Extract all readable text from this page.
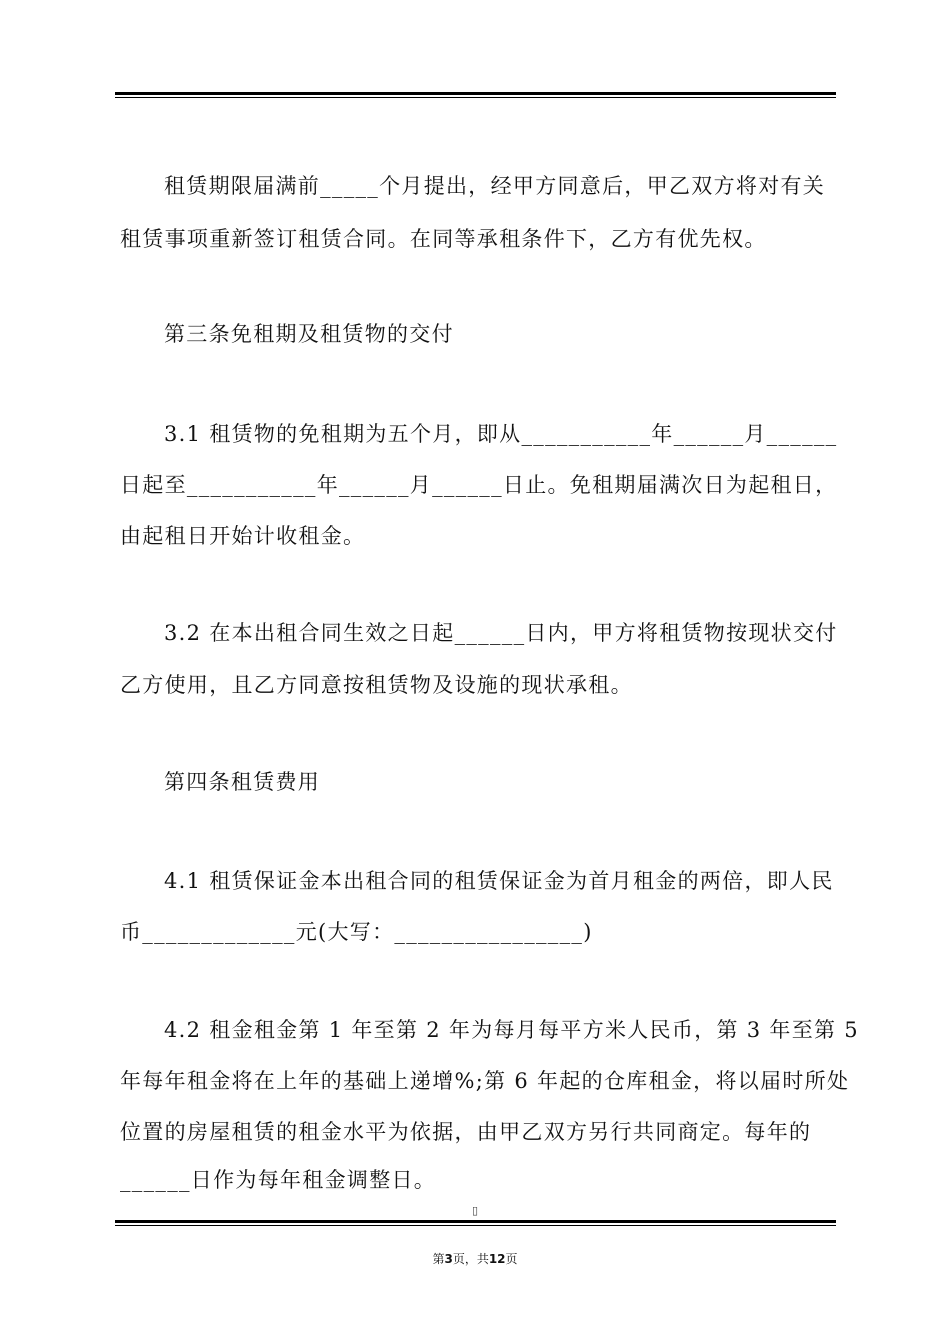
租赁期限届满前_____个月提出，经甲方同意后，甲乙双方将对有关
租赁事项重新签订租赁合同。在同等承租条件下，乙方有优先权。
第三条免租期及租赁物的交付
3.1 租赁物的免租期为五个月，即从___________年______月______
日起至___________年______月______日止。免租期届满次日为起租日，
由起租日开始计收租金。
3.2 在本出租合同生效之日起______日内，甲方将租赁物按现状交付
乙方使用，且乙方同意按租赁物及设施的现状承租。
第四条租赁费用
4.1 租赁保证金本出租合同的租赁保证金为首月租金的两倍，即人民
币_____________元(大写：________________)
4.2 租金租金第 1 年至第 2 年为每月每平方米人民币，第 3 年至第 5
年每年租金将在上年的基础上递增%;第 6 年起的仓库租金，将以届时所处
位置的房屋租赁的租金水平为依据，由甲乙双方另行共同商定。每年的
______日作为每年租金调整日。
▯
第3页，共12页
